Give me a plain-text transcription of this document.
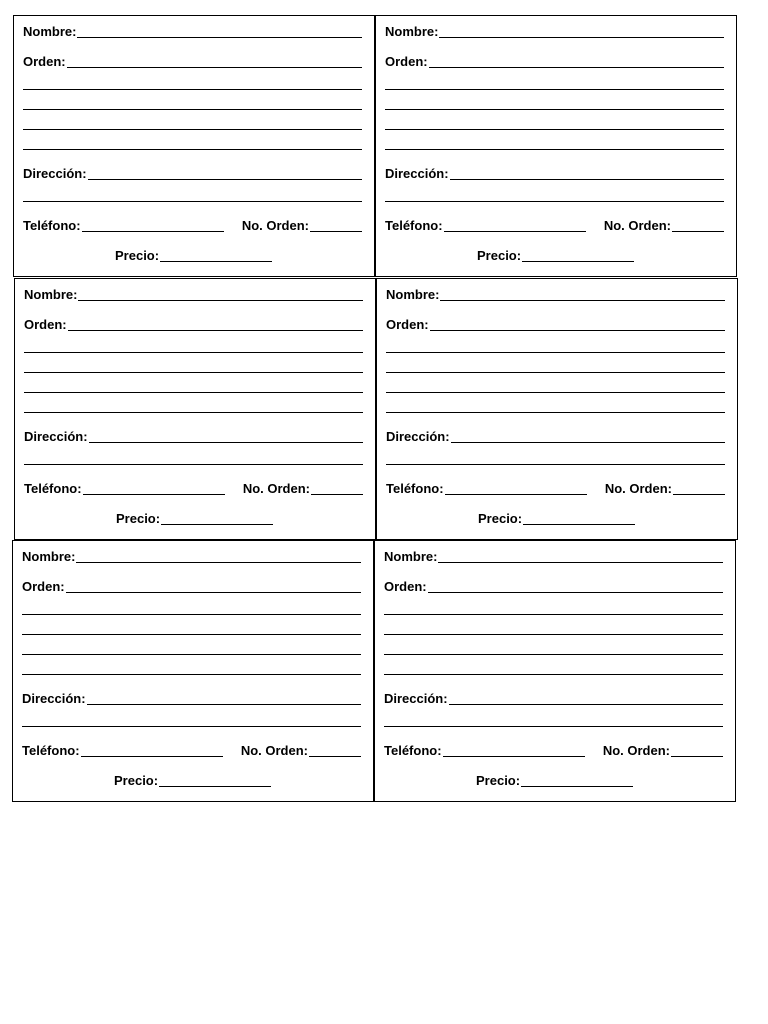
Nombre:
Orden:
Dirección:
Teléfono:	No. Orden:
Precio:
Nombre:
Orden:
Dirección:
Teléfono:	No. Orden:
Precio:
Nombre:
Orden:
Dirección:
Teléfono:	No. Orden:
Precio:
Nombre:
Orden:
Dirección:
Teléfono:	No. Orden:
Precio:
Nombre:
Orden:
Dirección:
Teléfono:	No. Orden:
Precio:
Nombre:
Orden:
Dirección:
Teléfono:	No. Orden:
Precio:
